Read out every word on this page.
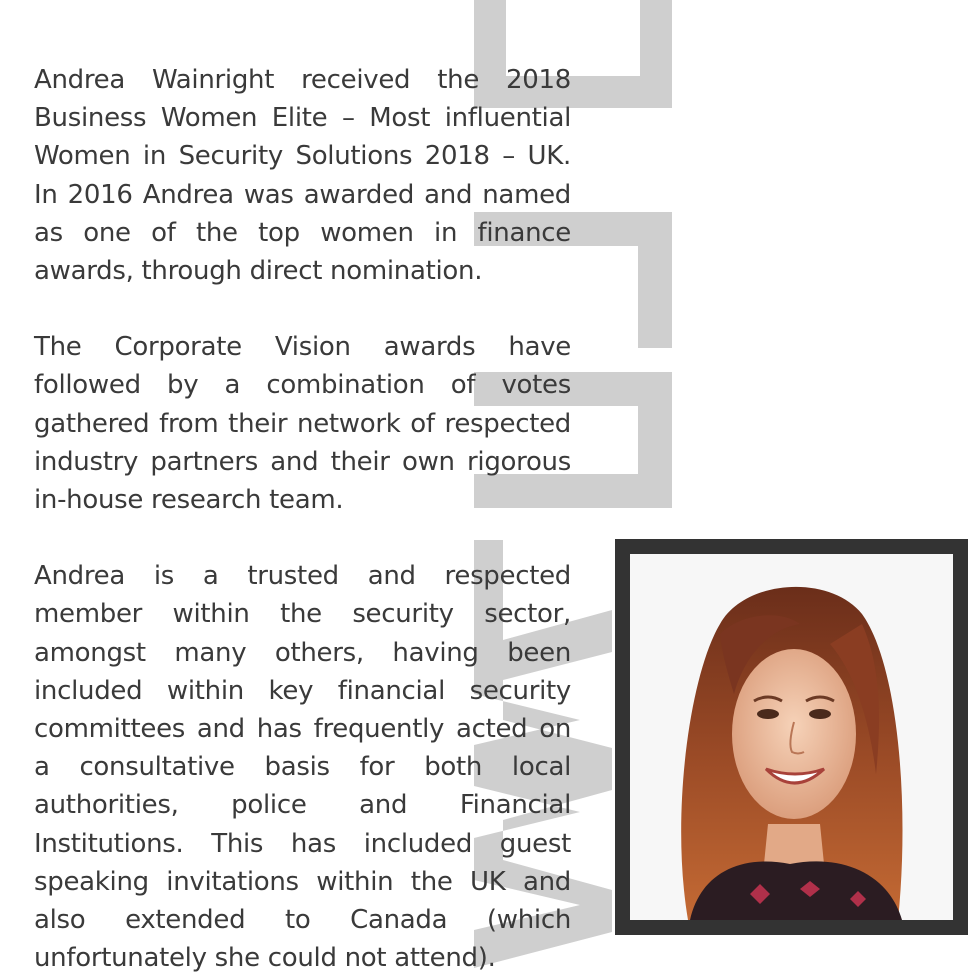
Andrea Wainright received the 2018 Business Women Elite – Most influential Women in Security Solutions 2018 – UK. In 2016 Andrea was awarded and named as one of the top women in finance awards, through direct nomination.

The Corporate Vision awards have followed by a combination of votes gathered from their network of respected industry partners and their own rigorous in-house research team.

Andrea is a trusted and respected member within the security sector, amongst many others, having been included within key financial security committees and has frequently acted on a consultative basis for both local authorities, police and Financial Institutions. This has included guest speaking invitations within the UK and also extended to Canada (which unfortunately she could not attend).
